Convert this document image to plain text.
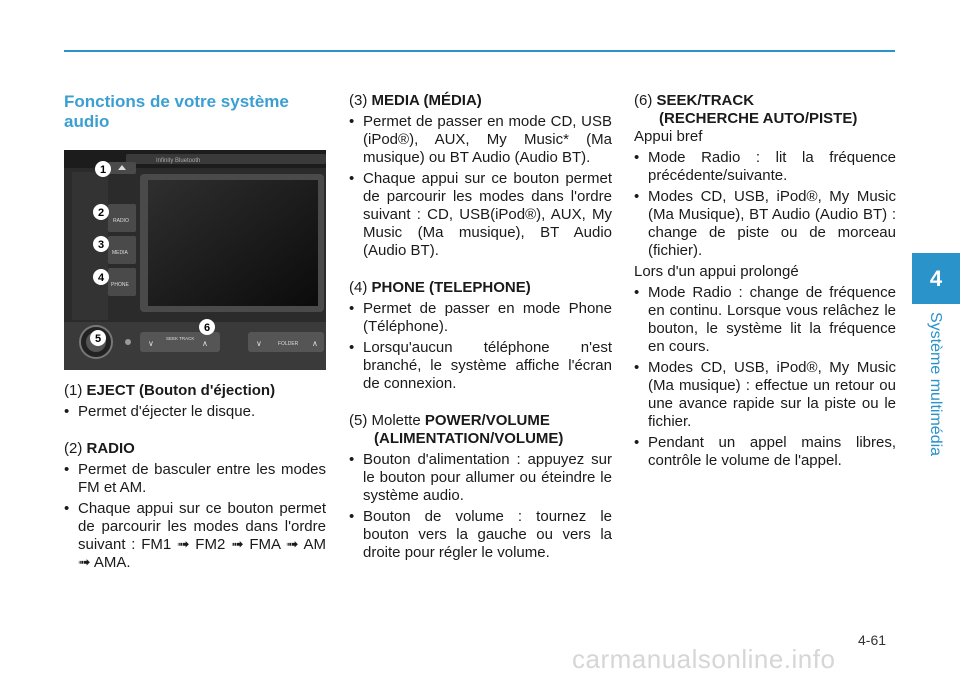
Fonctions de votre système audio

Infinity Bluetooth
RADIO
MEDIA
PHONE
∨
SEEK TRACK
∧	∨	FOLDER ∧
1
2
3
4
5
6

(1) EJECT (Bouton d'éjection)

• Permet d'éjecter le disque.

(2) RADIO

• Permet de basculer entre les modes FM et AM.
• Chaque appui sur ce bouton permet de parcourir les modes dans l'ordre suivant : FM1 ➟ FM2 ➟ FMA ➟ AM ➟ AMA.

(3) MEDIA (MÉDIA)

• Permet de passer en mode CD, USB (iPod®), AUX, My Music* (Ma musique) ou BT Audio (Audio BT).
• Chaque appui sur ce bouton permet de parcourir les modes dans l'ordre suivant : CD, USB(iPod®), AUX, My Music (Ma musique), BT Audio (Audio BT).

(4) PHONE (TELEPHONE)

• Permet de passer en mode Phone (Téléphone).
• Lorsqu'aucun téléphone n'est branché, le système affiche l'écran de connexion.

(5) Molette POWER/VOLUME
(ALIMENTATION/VOLUME)

• Bouton d'alimentation : appuyez sur le bouton pour allumer ou éteindre le système audio.
• Bouton de volume : tournez le bouton vers la gauche ou vers la droite pour régler le volume.

(6) SEEK/TRACK
(RECHERCHE AUTO/PISTE)

Appui bref

• Mode Radio : lit la fréquence précédente/suivante.
• Modes CD, USB, iPod®, My Music (Ma Musique), BT Audio (Audio BT) : change de piste ou de morceau (fichier).

Lors d'un appui prolongé

• Mode Radio : change de fréquence en continu. Lorsque vous relâchez le bouton, le système lit la fréquence en cours.
• Modes CD, USB, iPod®, My Music (Ma musique) : effectue un retour ou une avance rapide sur la piste ou le fichier.
• Pendant un appel mains libres, contrôle le volume de l'appel.
4
Système multimédia
4-61
carmanualsonline.info
